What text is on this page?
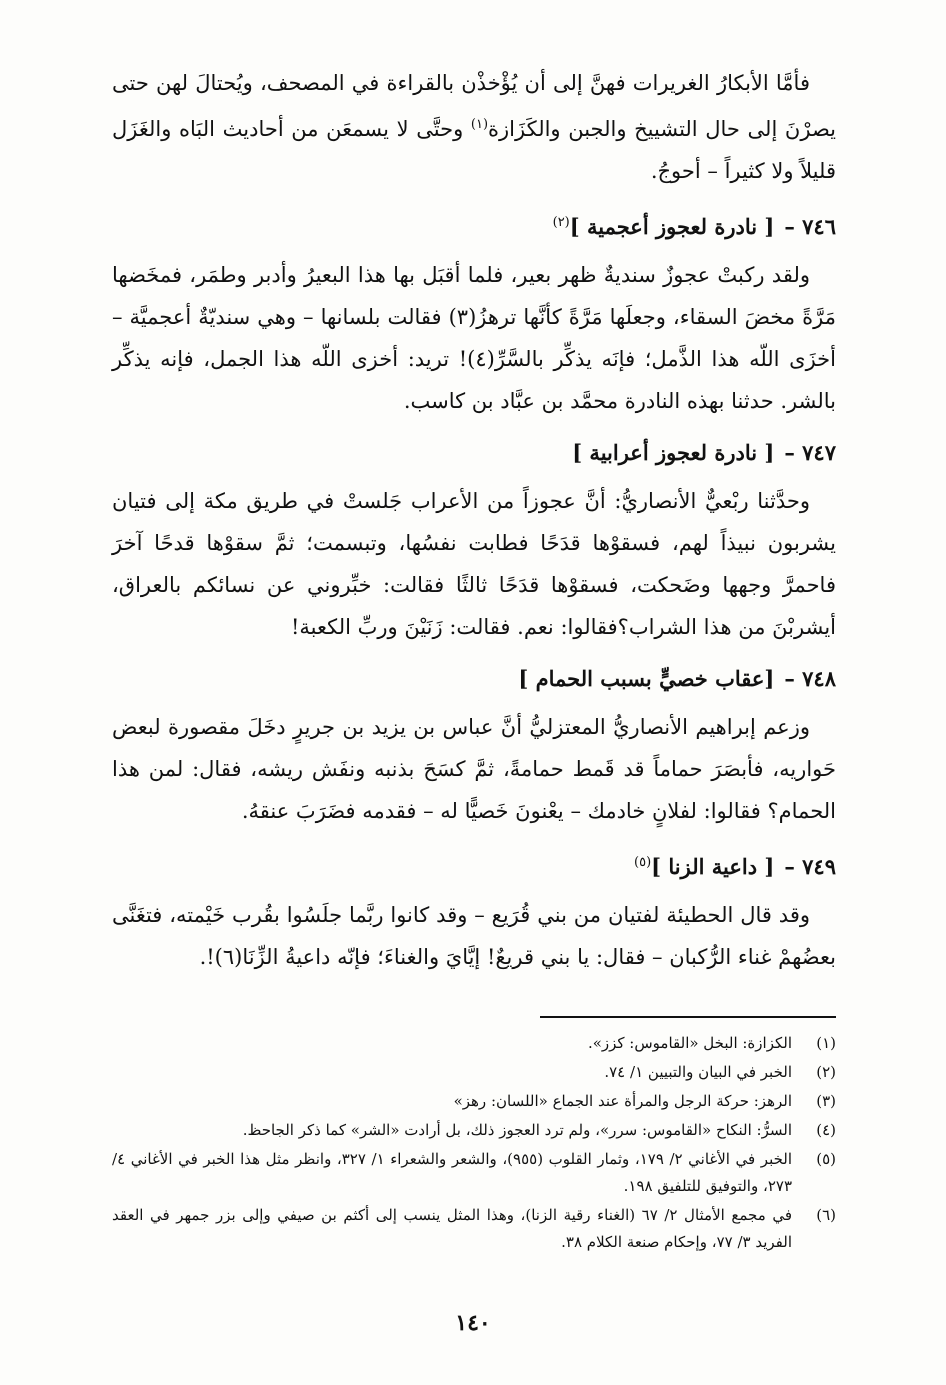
فأمَّا الأبكارُ الغريرات فهنَّ إلى أن يُؤْخذْن بالقراءة في المصحف، ويُحتالَ لهن حتى يصرْنَ إلى حال التشييخ والجبن والكَزَازة$^{(١)}$ وحتَّى لا يسمعَن من أحاديث البَاه والغَزَل قليلاً ولا كثيراً – أحوجُ.

٧٤٦ –[ نادرة لعجوز أعجمية ]$^{(٢)}$

ولقد ركبتْ عجوزٌ سنديةٌ ظهر بعير، فلما أقبَل بها هذا البعيرُ وأدبر وطمَر، فمخَضها مَرَّةً مخضَ السقاء، وجعلَها مَرَّةً كأنَّها ترهزُ(٣) فقالت بلسانها – وهي سنديّةٌ أعجميَّة – أخزَى اللّه هذا الذَّمل؛ فإنَه يذكِّر بالسَّرِّ(٤)! تريد: أخزى اللّه هذا الجمل، فإنه يذكِّر بالشر. حدثنا بهذه النادرة محمَّد بن عبَّاد بن كاسب.

٧٤٧ –[ نادرة لعجوز أعرابية ]

وحدَّثنا ربْعيٌّ الأنصاريُّ: أنَّ عجوزاً من الأعراب جَلستْ في طريق مكة إلى فتيان يشربون نبيذاً لهم، فسقوْها قدَحًا فطابت نفسُها، وتبسمت؛ ثمَّ سقوْها قدحًا آخرَ فاحمرَّ وجهها وضَحكت، فسقوْها قدَحًا ثالثًا فقالت: خبِّروني عن نسائكم بالعراق، أيشربْنَ من هذا الشراب؟فقالوا: نعم. فقالت: زَنَيْنَ وربِّ الكعبة!

٧٤٨ –[عقاب خصيٍّ بسبب الحمام ]

وزعم إبراهيم الأنصاريُّ المعتزليُّ أنَّ عباس بن يزيد بن جريرٍ دخَلَ مقصورة لبعض حَواريه، فأبصَرَ حماماً قد قَمط حمامةً، ثمَّ كسَحَ بذنبه ونفَش ريشه، فقال: لمن هذا الحمام؟ فقالوا: لفلانٍ خادمك – يعْنونَ خَصيًّا له – فقدمه فضَرَبَ عنقهُ.

٧٤٩ –[ داعية الزنا ]$^{(٥)}$

وقد قال الحطيئة لفتيان من بني قُرَيع – وقد كانوا ربَّما جلَسُوا بقُرب خَيْمته، فتغَنَّى بعضُهمْ غناء الرُّكبان – فقال: يا بني قريعٌ! إيَّايَ والغناءَ؛ فإنّه داعيةُ الزِّنَا(٦)!.

(١)
الكزازة: البخل «القاموس: كزز».
(٢)
الخبر في البيان والتبيين ١/ ٧٤.
(٣)
الرهز: حركة الرجل والمرأة عند الجماع «اللسان: رهز»
(٤)
السرُّ: النكاح «القاموس: سرر»، ولم ترد العجوز ذلك، بل أرادت «الشر» كما ذكر الجاحظ.
(٥)
الخبر في الأغاني ٢/ ١٧٩، وثمار القلوب (٩٥٥)، والشعر والشعراء ١/ ٣٢٧، وانظر مثل هذا الخبر في الأغاني ٤/ ٢٧٣، والتوفيق للتلفيق ١٩٨.
(٦)
في مجمع الأمثال ٢/ ٦٧ (الغناء رقية الزنا)، وهذا المثل ينسب إلى أكثم بن صيفي وإلى بزر جمهر في العقد الفريد ٣/ ٧٧، وإحكام صنعة الكلام ٣٨.
١٤٠
